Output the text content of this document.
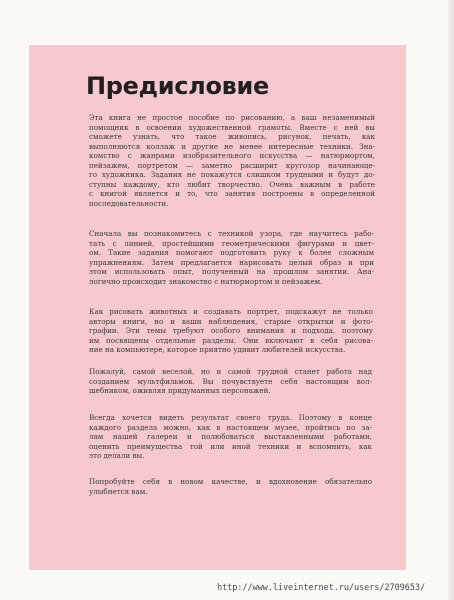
Предисловие

Эта книга не простое пособие по рисованию, а ваш незаменимый
помощник в освоении художественной грамоты. Вместе с ней вы
сможете узнать, что такое живопись, рисунок, печать, как
выполняются коллаж и другие не менее интересные техники. Зна-
комство с жанрами изобразительного искусства — натюрмортом,
пейзажем, портретом — заметно расширит кругозор начинающе-
го художника. Задания не покажутся слишком трудными и будут до-
ступны каждому, кто любит творчество. Очень важным в работе
с книгой является и то, что занятия построены в определенной
последовательности.

Сначала вы познакомитесь с техникой узора, где научитесь рабо-
тать с линией, простейшими геометрическими фигурами и цвет-
ом. Такие задания помогают подготовить руку к более сложным
упражнениям. Затем предлагается нарисовать целый образ и при
этом использовать опыт, полученный на прошлом занятии. Ана-
логично происходит знакомство с натюрмортом и пейзажем.

Как рисовать животных и создавать портрет, подскажут не только
авторы книги, но и ваши наблюдения, старые открытки и фото-
графии. Эти темы требуют особого внимания и подхода, поэтому
им посвящены отдельные разделы. Они включают в себя рисова-
ние на компьютере, которое приятно удивит любителей искусства.

Пожалуй, самой веселой, но и самой трудной станет работа над
созданием мультфильмов. Вы почувствуете себя настоящим вол-
шебником, оживляя придуманных персонажей.

Всегда хочется видеть результат своего труда. Поэтому в конце
каждого раздела можно, как в настоящем музее, пройтись по за-
лам нашей галереи и полюбоваться выставленными работами,
оценить преимущества той или иной техники и вспомнить, как
это делали вы.

Попробуйте себя в новом качестве, и вдохновение обязательно
улыбнется вам.

http://www.liveinternet.ru/users/2709653/
